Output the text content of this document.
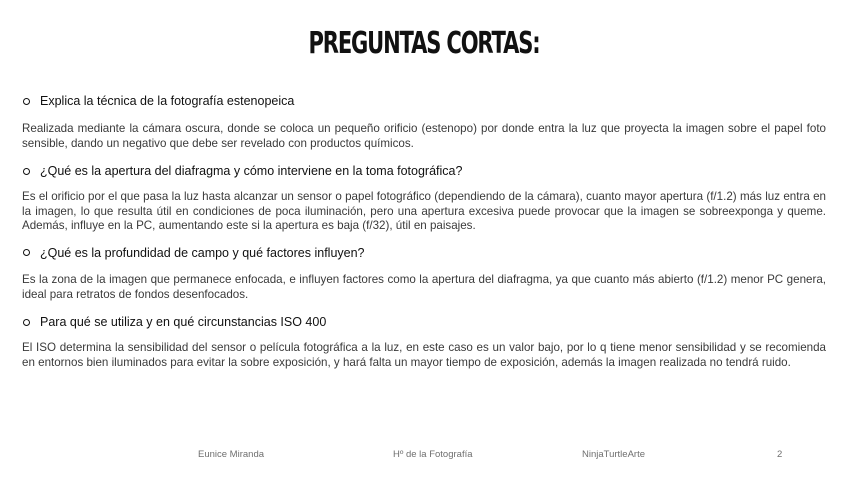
PREGUNTAS CORTAS:
Explica la técnica de la fotografía estenopeica

Realizada mediante la cámara oscura, donde se coloca un pequeño orificio (estenopo) por donde entra la luz que proyecta la imagen sobre el papel foto sensible, dando un negativo que debe ser revelado con productos químicos.

¿Qué es la apertura del diafragma y cómo interviene en la toma fotográfica?

Es el orificio por el que pasa la luz hasta alcanzar un sensor o papel fotográfico (dependiendo de la cámara), cuanto mayor apertura (f/1.2) más luz entra en la imagen, lo que resulta útil en condiciones de poca iluminación, pero una apertura excesiva puede provocar que la imagen se sobreexponga y queme. Además, influye en la PC, aumentando este si la apertura es baja (f/32), útil en paisajes.

¿Qué es la profundidad de campo y qué factores influyen?

Es la zona de la imagen que permanece enfocada, e influyen factores como la apertura del diafragma, ya que cuanto más abierto (f/1.2) menor PC genera, ideal para retratos de fondos desenfocados.

Para qué se utiliza y en qué circunstancias ISO 400

El ISO determina la sensibilidad del sensor o película fotográfica a la luz, en este caso es un valor bajo, por lo q tiene menor sensibilidad y se recomienda en entornos bien iluminados para evitar la sobre exposición, y hará falta un mayor tiempo de exposición, además la imagen realizada no tendrá ruido.

Eunice Miranda	Hº de la Fotografía	NinjaTurtleArte	2
